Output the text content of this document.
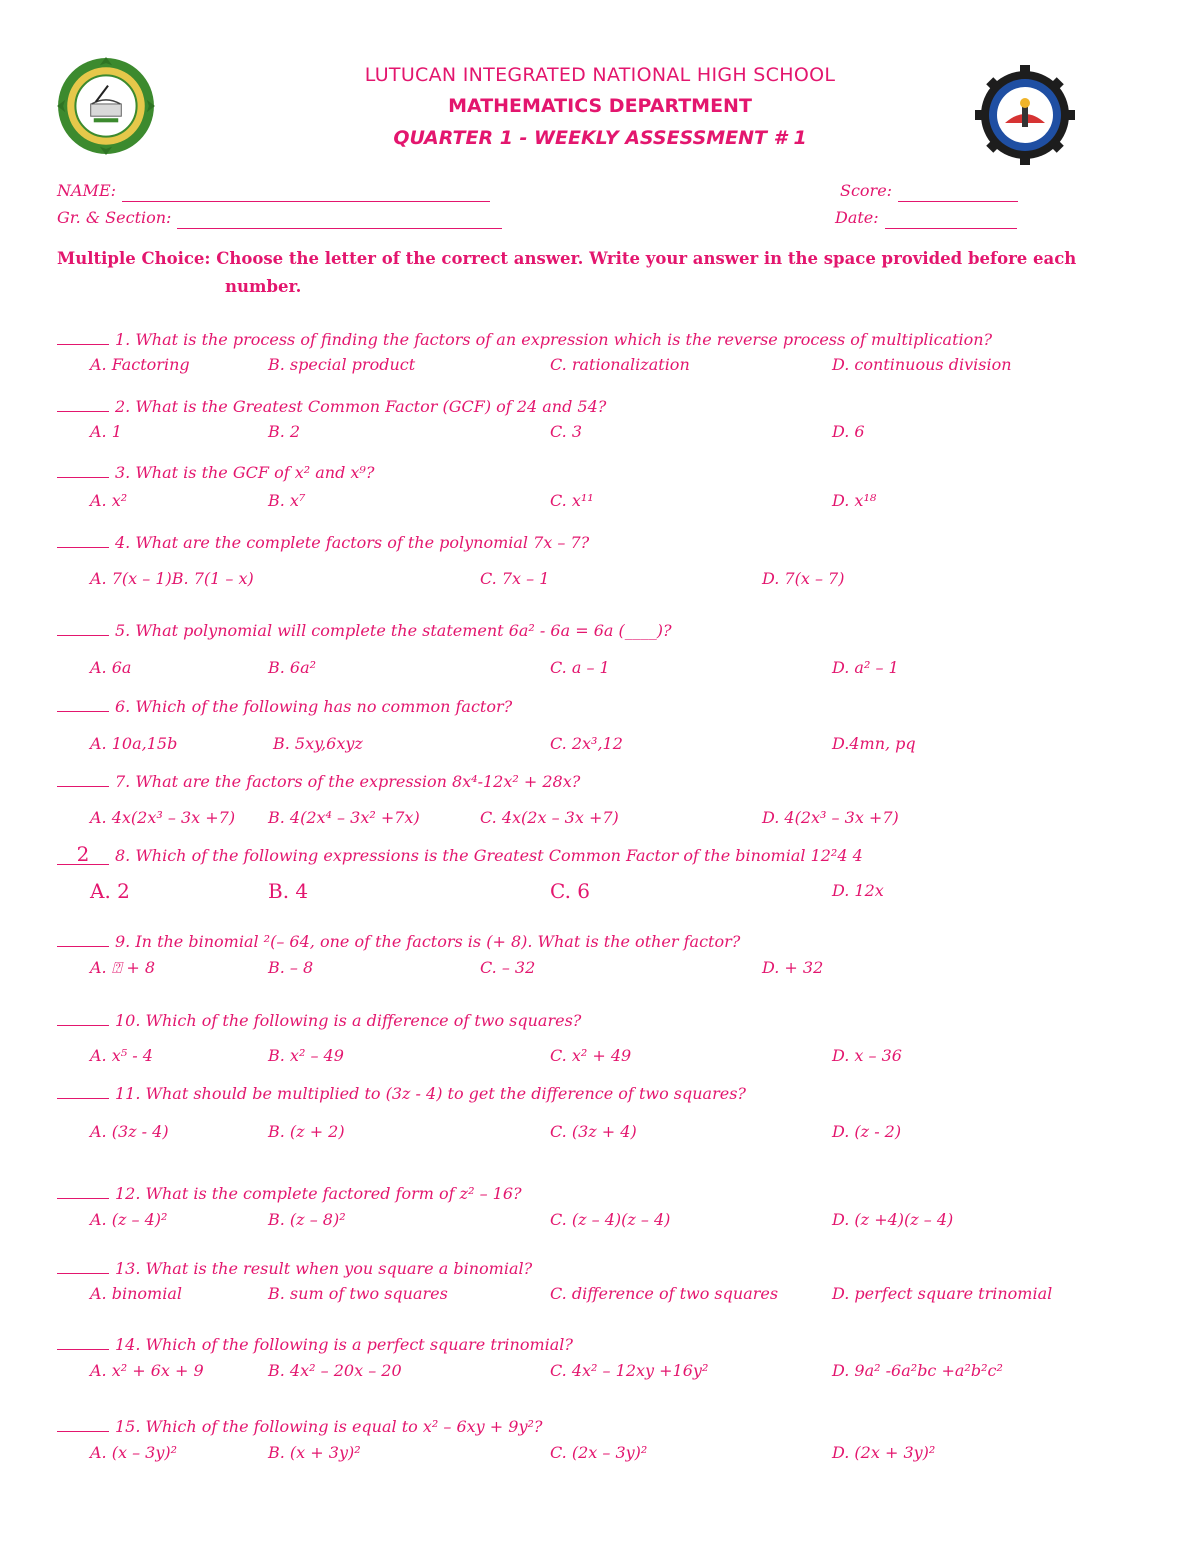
LUTUCAN INTEGRATED NATIONAL HIGH SCHOOL
MATHEMATICS DEPARTMENT
QUARTER 1 - WEEKLY ASSESSMENT # 1
NAME:
Gr. & Section:
Score:
Date:
Multiple Choice: Choose the letter of the correct answer. Write your answer in the space provided before each
number.
1. What is the process of finding the factors of an expression which is the reverse process of multiplication?
A. Factoring	B. special product	C. rationalization	D. continuous division
2. What is the Greatest Common Factor (GCF) of 24 and 54?
A. 1	B. 2	C. 3	D. 6
3. What is the GCF of x² and x⁹?
A. x²	B. x⁷	C. x¹¹	D. x¹⁸
4. What are the complete factors of the polynomial 7x – 7?
A. 7(x – 1)B. 7(1 – x)	C. 7x – 1	D. 7(x – 7)
5. What polynomial will complete the statement 6a² - 6a = 6a (____)?
A. 6a	B. 6a²	C. a – 1	D. a² – 1
6. Which of the following has no common factor?
A. 10a,15b	B. 5xy,6xyz	C. 2x³,12	D.4mn, pq
7. What are the factors of the expression 8x⁴-12x² + 28x?
A. 4x(2x³ – 3x +7) B. 4(2x⁴ – 3x² +7x)	C. 4x(2x – 3x +7)	D. 4(2x³ – 3x +7)
2 8. Which of the following expressions is the Greatest Common Factor of the binomial 12²4 4
A. 2	B. 4	C. 6	D. 12x
9. In the binomial ²(– 64, one of the factors is (+ 8). What is the other factor?
A. ⍰ + 8	B. – 8	C. – 32	D. + 32
10. Which of the following is a difference of two squares?
A. x⁵ - 4	B. x² – 49	C. x² + 49	D. x – 36
11. What should be multiplied to (3z - 4) to get the difference of two squares?
A. (3z - 4)	B. (z + 2)	C. (3z + 4)	D. (z - 2)
12. What is the complete factored form of z² – 16?
A. (z – 4)²	B. (z – 8)²	C. (z – 4)(z – 4)	D. (z +4)(z – 4)
13. What is the result when you square a binomial?
A. binomial	B. sum of two squares	C. difference of two squares	D. perfect square trinomial
14. Which of the following is a perfect square trinomial?
A. x² + 6x + 9	B. 4x² – 20x – 20	C. 4x² – 12xy +16y²	D. 9a² -6a²bc +a²b²c²
15. Which of the following is equal to x² – 6xy + 9y²?
A. (x – 3y)²	B. (x + 3y)²	C. (2x – 3y)²	D. (2x + 3y)²
